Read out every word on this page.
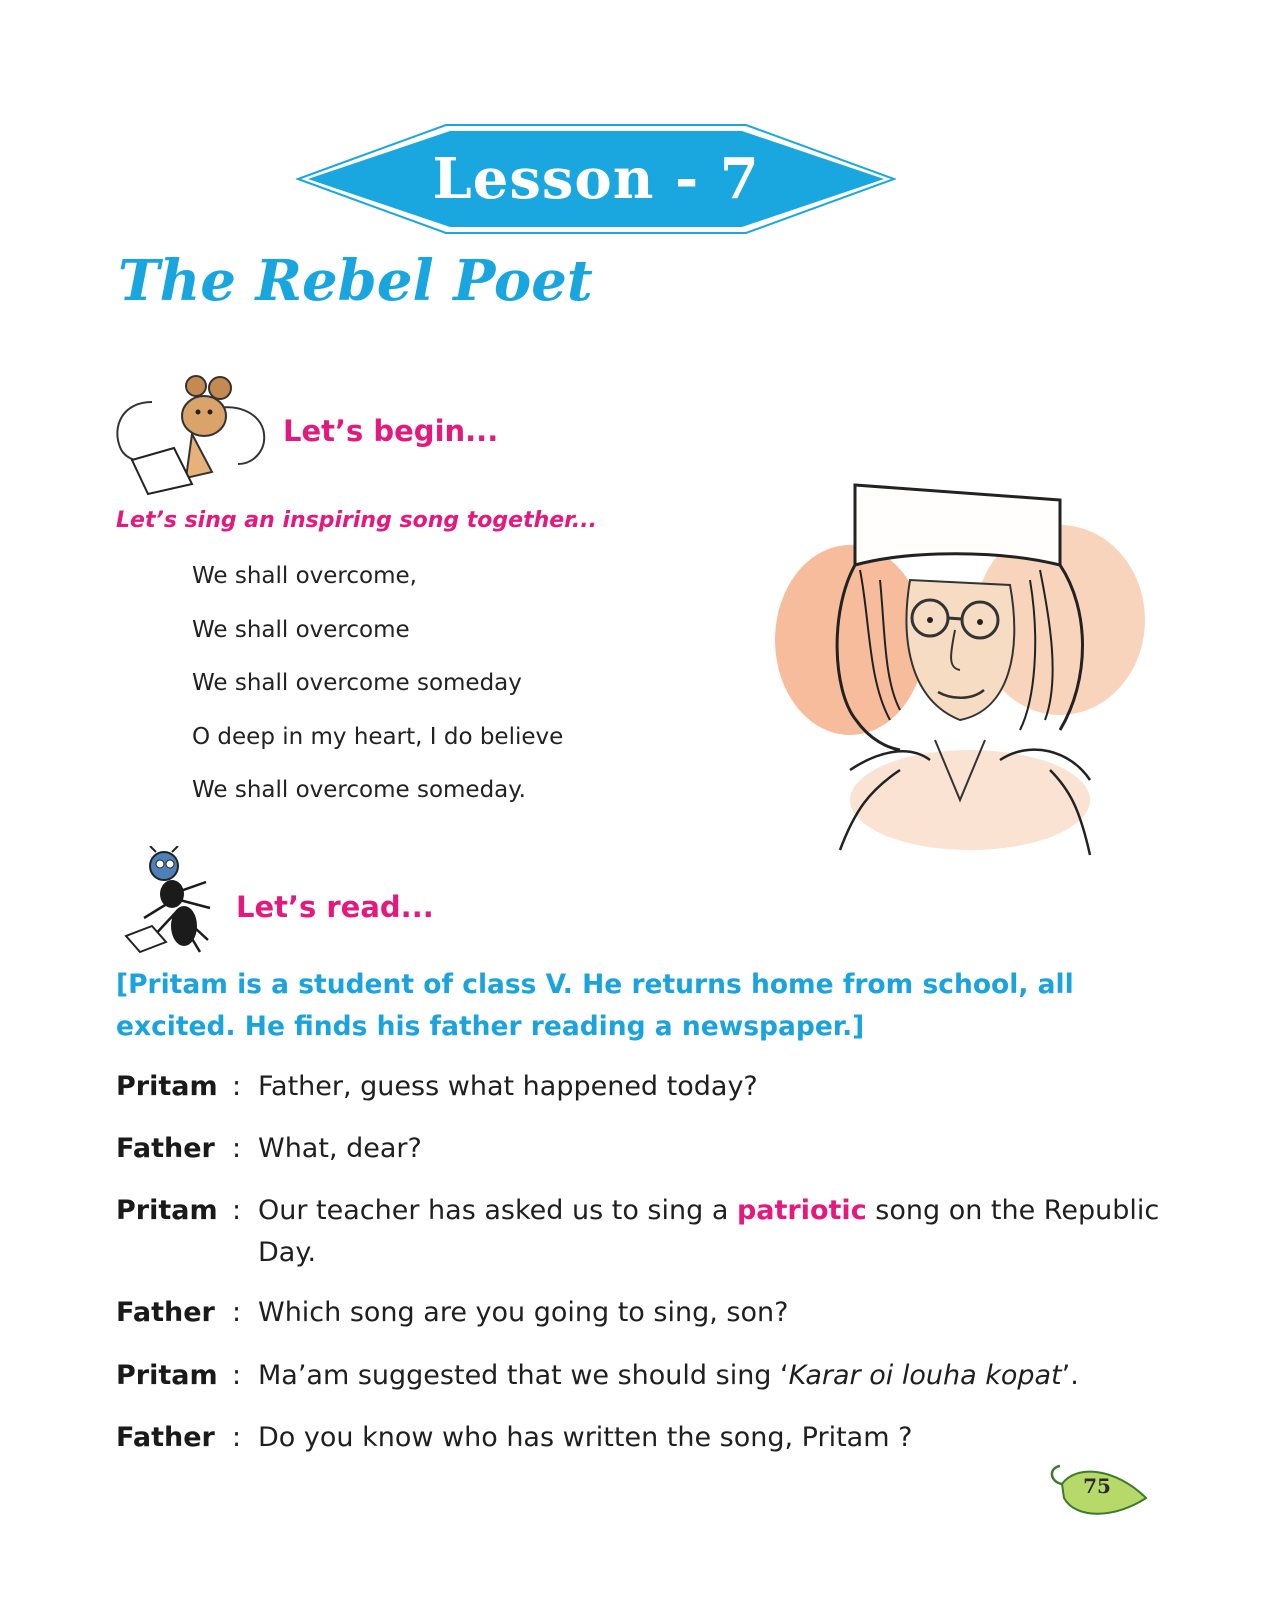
Lesson - 7
The Rebel Poet
Let’s begin...
Let’s sing an inspiring song together...
We shall overcome,
We shall overcome
We shall overcome someday
O deep in my heart, I do believe
We shall overcome someday.
Let’s read...
[Pritam is a student of class V. He returns home from school, all excited. He finds his father reading a newspaper.]
Pritam : Father, guess what happened today?
Father : What, dear?
Pritam : Our teacher has asked us to sing a patriotic song on the Republic Day.
Father : Which song are you going to sing, son?
Pritam : Ma’am suggested that we should sing ‘Karar oi louha kopat’.
Father : Do you know who has written the song, Pritam ?
75
